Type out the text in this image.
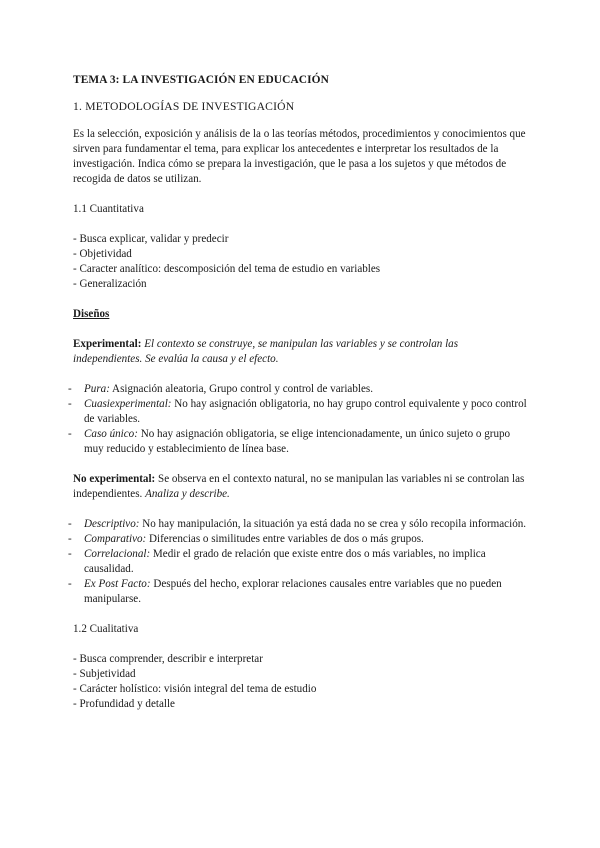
TEMA 3: LA INVESTIGACIÓN EN EDUCACIÓN
1. METODOLOGÍAS DE INVESTIGACIÓN

Es la selección, exposición y análisis de la o las teorías métodos, procedimientos y conocimientos que sirven para fundamentar el tema, para explicar los antecedentes e interpretar los resultados de la investigación. Indica cómo se prepara la investigación, que le pasa a los sujetos y que métodos de recogida de datos se utilizan.

1.1 Cuantitativa
- Busca explicar, validar y predecir
- Objetividad
- Caracter analítico: descomposición del tema de estudio en variables
- Generalización
Diseños

Experimental: El contexto se construye, se manipulan las variables y se controlan las independientes. Se evalúa la causa y el efecto.

- Pura: Asignación aleatoria, Grupo control y control de variables.
- Cuasiexperimental: No hay asignación obligatoria, no hay grupo control equivalente y poco control de variables.
- Caso único: No hay asignación obligatoria, se elige intencionadamente, un único sujeto o grupo muy reducido y establecimiento de línea base.

No experimental: Se observa en el contexto natural, no se manipulan las variables ni se controlan las independientes. Analiza y describe.

- Descriptivo: No hay manipulación, la situación ya está dada no se crea y sólo recopila información.
- Comparativo: Diferencias o similitudes entre variables de dos o más grupos.
- Correlacional: Medir el grado de relación que existe entre dos o más variables, no implica causalidad.
- Ex Post Facto: Después del hecho, explorar relaciones causales entre variables que no pueden manipularse.
1.2 Cualitativa
- Busca comprender, describir e interpretar
- Subjetividad
- Carácter holístico: visión integral del tema de estudio
- Profundidad y detalle
